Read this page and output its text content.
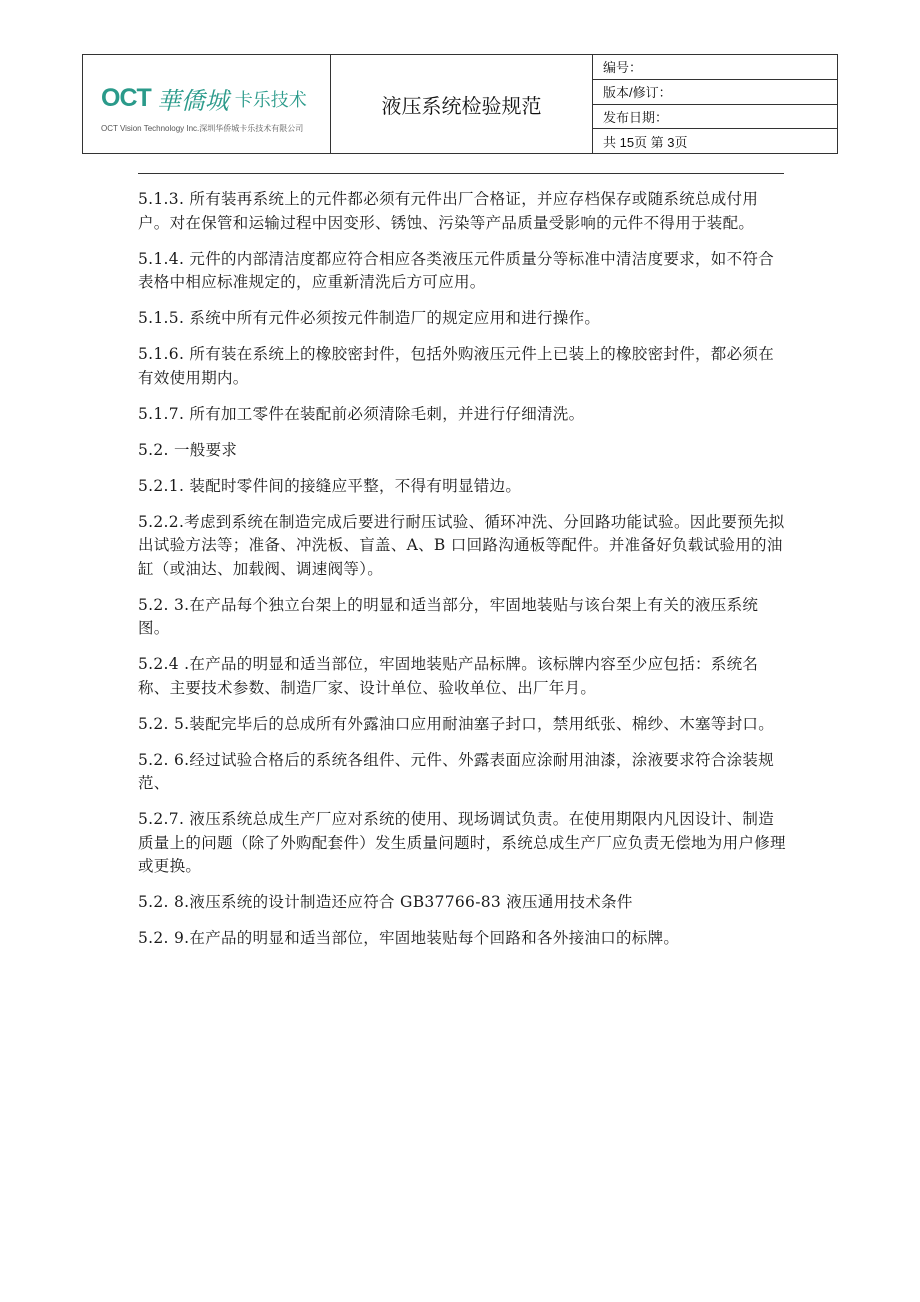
OCT 華僑城 卡乐技术
OCT Vision Technology Inc.深圳华侨城卡乐技术有限公司
液压系统检验规范
编号：
版本/修订：
发布日期：
共 15页 第 3页

5.1.3. 所有装再系统上的元件都必须有元件出厂合格证，并应存档保存或随系统总成付用户。对在保管和运输过程中因变形、锈蚀、污染等产品质量受影响的元件不得用于装配。

5.1.4. 元件的内部清洁度都应符合相应各类液压元件质量分等标准中清洁度要求，如不符合表格中相应标准规定的，应重新清洗后方可应用。

5.1.5. 系统中所有元件必须按元件制造厂的规定应用和进行操作。

5.1.6. 所有装在系统上的橡胶密封件，包括外购液压元件上已装上的橡胶密封件，都必须在有效使用期内。

5.1.7. 所有加工零件在装配前必须清除毛刺，并进行仔细清洗。

5.2. 一般要求

5.2.1. 装配时零件间的接缝应平整，不得有明显错边。

5.2.2.考虑到系统在制造完成后要进行耐压试验、循环冲洗、分回路功能试验。因此要预先拟出试验方法等；准备、冲洗板、盲盖、A、B 口回路沟通板等配件。并准备好负载试验用的油缸（或油达、加载阀、调速阀等）。

5.2. 3.在产品每个独立台架上的明显和适当部分，牢固地装贴与该台架上有关的液压系统图。

5.2.4 .在产品的明显和适当部位，牢固地装贴产品标牌。该标牌内容至少应包括：系统名称、主要技术参数、制造厂家、设计单位、验收单位、出厂年月。

5.2. 5.装配完毕后的总成所有外露油口应用耐油塞子封口，禁用纸张、棉纱、木塞等封口。

5.2. 6.经过试验合格后的系统各组件、元件、外露表面应涂耐用油漆，涂液要求符合涂装规范、

5.2.7. 液压系统总成生产厂应对系统的使用、现场调试负责。在使用期限内凡因设计、制造质量上的问题（除了外购配套件）发生质量问题时，系统总成生产厂应负责无偿地为用户修理或更换。

5.2. 8.液压系统的设计制造还应符合 GB37766-83 液压通用技术条件

5.2. 9.在产品的明显和适当部位，牢固地装贴每个回路和各外接油口的标牌。
